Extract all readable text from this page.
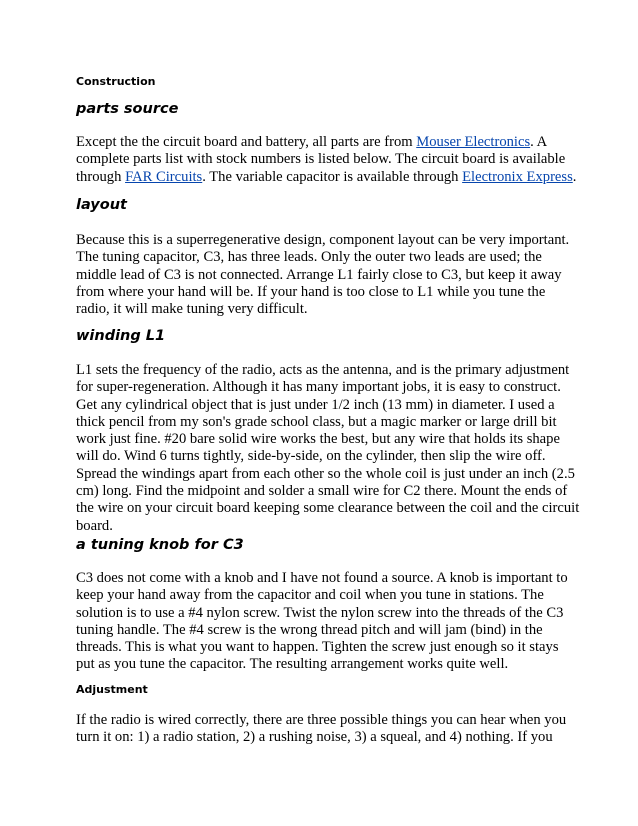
Construction
parts source
Except the the circuit board and battery, all parts are from Mouser Electronics. A
complete parts list with stock numbers is listed below. The circuit board is available
through FAR Circuits. The variable capacitor is available through Electronix Express.
layout
Because this is a superregenerative design, component layout can be very important.
The tuning capacitor, C3, has three leads. Only the outer two leads are used; the
middle lead of C3 is not connected. Arrange L1 fairly close to C3, but keep it away
from where your hand will be. If your hand is too close to L1 while you tune the
radio, it will make tuning very difficult.
winding L1
L1 sets the frequency of the radio, acts as the antenna, and is the primary adjustment
for super-regeneration. Although it has many important jobs, it is easy to construct.
Get any cylindrical object that is just under 1/2 inch (13 mm) in diameter. I used a
thick pencil from my son's grade school class, but a magic marker or large drill bit
work just fine. #20 bare solid wire works the best, but any wire that holds its shape
will do. Wind 6 turns tightly, side-by-side, on the cylinder, then slip the wire off.
Spread the windings apart from each other so the whole coil is just under an inch (2.5
cm) long. Find the midpoint and solder a small wire for C2 there. Mount the ends of
the wire on your circuit board keeping some clearance between the coil and the circuit
board.
a tuning knob for C3
C3 does not come with a knob and I have not found a source. A knob is important to
keep your hand away from the capacitor and coil when you tune in stations. The
solution is to use a #4 nylon screw. Twist the nylon screw into the threads of the C3
tuning handle. The #4 screw is the wrong thread pitch and will jam (bind) in the
threads. This is what you want to happen. Tighten the screw just enough so it stays
put as you tune the capacitor. The resulting arrangement works quite well.
Adjustment
If the radio is wired correctly, there are three possible things you can hear when you
turn it on: 1) a radio station, 2) a rushing noise, 3) a squeal, and 4) nothing. If you
